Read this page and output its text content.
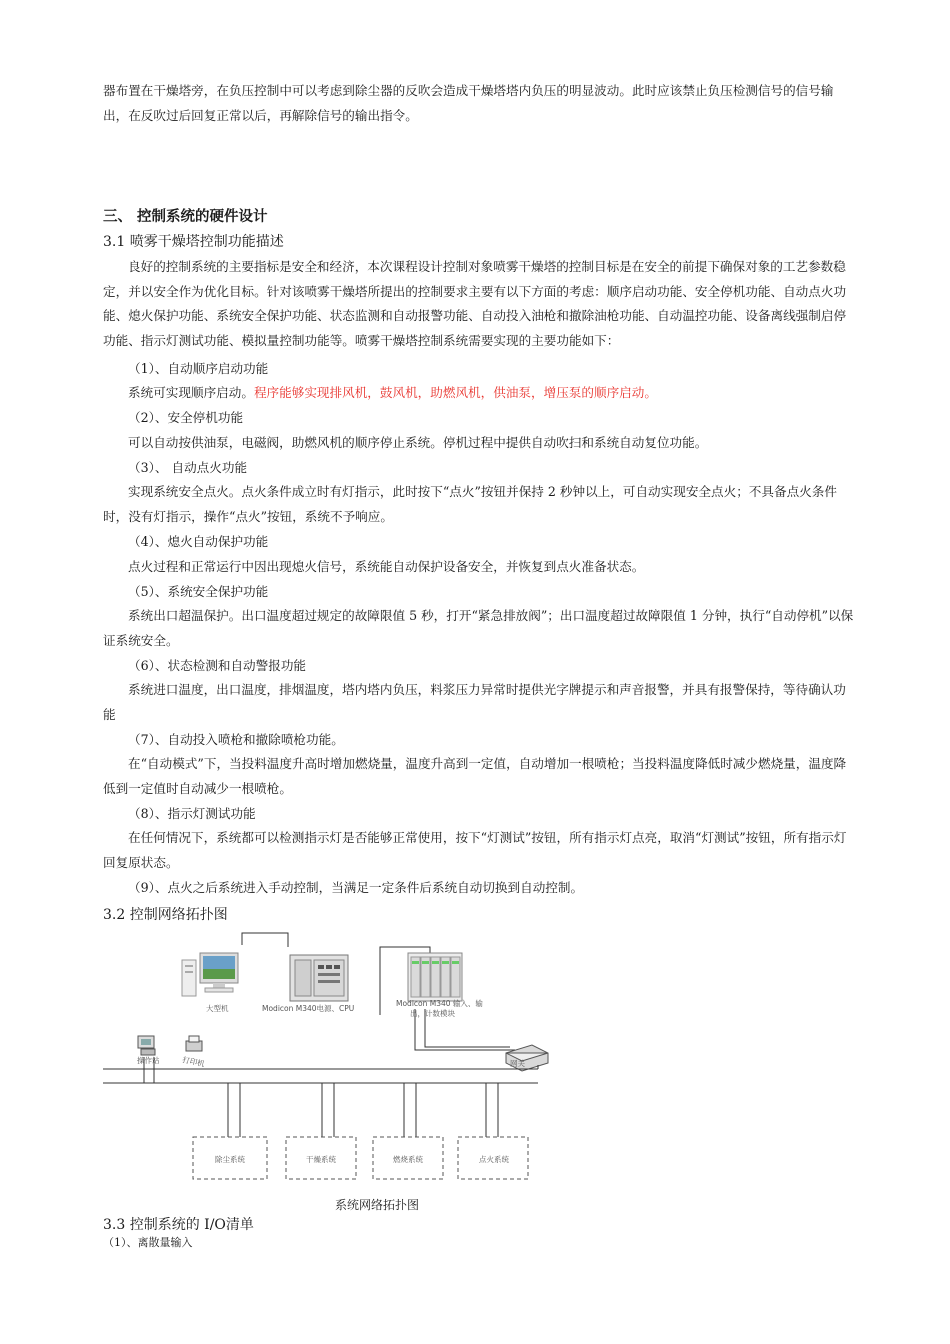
器布置在干燥塔旁，在负压控制中可以考虑到除尘器的反吹会造成干燥塔塔内负压的明显波动。此时应该禁止负压检测信号的信号输出，在反吹过后回复正常以后，再解除信号的输出指令。

三、 控制系统的硬件设计

3.1 喷雾干燥塔控制功能描述

良好的控制系统的主要指标是安全和经济，本次课程设计控制对象喷雾干燥塔的控制目标是在安全的前提下确保对象的工艺参数稳定，并以安全作为优化目标。针对该喷雾干燥塔所提出的控制要求主要有以下方面的考虑：顺序启动功能、安全停机功能、自动点火功能、熄火保护功能、系统安全保护功能、状态监测和自动报警功能、自动投入油枪和撤除油枪功能、自动温控功能、设备离线强制启停功能、指示灯测试功能、模拟量控制功能等。喷雾干燥塔控制系统需要实现的主要功能如下：

（1）、自动顺序启动功能

系统可实现顺序启动。程序能够实现排风机，鼓风机，助燃风机，供油泵，增压泵的顺序启动。

（2）、安全停机功能

可以自动按供油泵，电磁阀，助燃风机的顺序停止系统。停机过程中提供自动吹扫和系统自动复位功能。

（3）、 自动点火功能

实现系统安全点火。点火条件成立时有灯指示，此时按下“点火”按钮并保持 2 秒钟以上，可自动实现安全点火；不具备点火条件时，没有灯指示，操作“点火”按钮，系统不予响应。

（4）、熄火自动保护功能

点火过程和正常运行中因出现熄火信号，系统能自动保护设备安全，并恢复到点火准备状态。

（5）、系统安全保护功能

系统出口超温保护。出口温度超过规定的故障限值 5 秒，打开“紧急排放阀”；出口温度超过故障限值 1 分钟，执行“自动停机”以保证系统安全。

（6）、状态检测和自动警报功能

系统进口温度，出口温度，排烟温度，塔内塔内负压，料浆压力异常时提供光字牌提示和声音报警，并具有报警保持，等待确认功能

（7）、自动投入喷枪和撤除喷枪功能。

在“自动模式”下，当投料温度升高时增加燃烧量，温度升高到一定值，自动增加一根喷枪；当投料温度降低时减少燃烧量，温度降低到一定值时自动减少一根喷枪。

（8）、指示灯测试功能

在任何情况下，系统都可以检测指示灯是否能够正常使用，按下“灯测试”按钮，所有指示灯点亮，取消“灯测试”按钮，所有指示灯回复原状态。

（9）、点火之后系统进入手动控制，当满足一定条件后系统自动切换到自动控制。

3.2 控制网络拓扑图

大型机	Modicon M340电源、CPU
Modicon M340 输入、输
出，计数模块
操作站	打印机	网关
除尘系统	干燥系统	燃烧系统	点火系统

系统网络拓扑图

3.3 控制系统的 I/O清单

（1）、离散量输入
